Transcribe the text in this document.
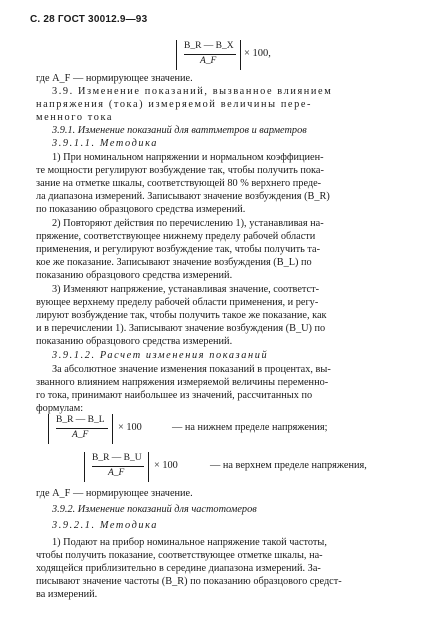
С. 28 ГОСТ 30012.9—93
B_R — B_X
A_F
× 100,
где A_F — нормирующее значение.
3.9. Изменение показаний, вызванное влиянием
напряжения (тока) измеряемой величины пере-
менного тока
3.9.1. Изменение показаний для ваттметров и варметров
3.9.1.1. Методика
1) При номинальном напряжении и нормальном коэффициен-
те мощности регулируют возбуждение так, чтобы получить пока-
зание на отметке шкалы, соответствующей 80 % верхнего преде-
ла диапазона измерений. Записывают значение возбуждения (B_R)
по показанию образцового средства измерений.
2) Повторяют действия по перечислению 1), устанавливая на-
пряжение, соответствующее нижнему пределу рабочей области
применения, и регулируют возбуждение так, чтобы получить та-
кое же показание. Записывают значение возбуждения (B_L) по
показанию образцового средства измерений.
3) Изменяют напряжение, устанавливая значение, соответст-
вующее верхнему пределу рабочей области применения, и регу-
лируют возбуждение так, чтобы получить такое же показание, как
и в перечислении 1). Записывают значение возбуждения (B_U) по
показанию образцового средства измерений.
3.9.1.2. Расчет изменения показаний
За абсолютное значение изменения показаний в процентах, вы-
званного влиянием напряжения измеряемой величины переменно-
го тока, принимают наибольшее из значений, рассчитанных по
формулам:
B_R — B_L
A_F
× 100	— на нижнем пределе напряжения;
B_R — B_U
A_F
× 100	— на верхнем пределе напряжения,
где A_F — нормирующее значение.
3.9.2. Изменение показаний для частотомеров
3.9.2.1. Методика
1) Подают на прибор номинальное напряжение такой частоты,
чтобы получить показание, соответствующее отметке шкалы, на-
ходящейся приблизительно в середине диапазона измерений. За-
писывают значение частоты (B_R) по показанию образцового средст-
ва измерений.
